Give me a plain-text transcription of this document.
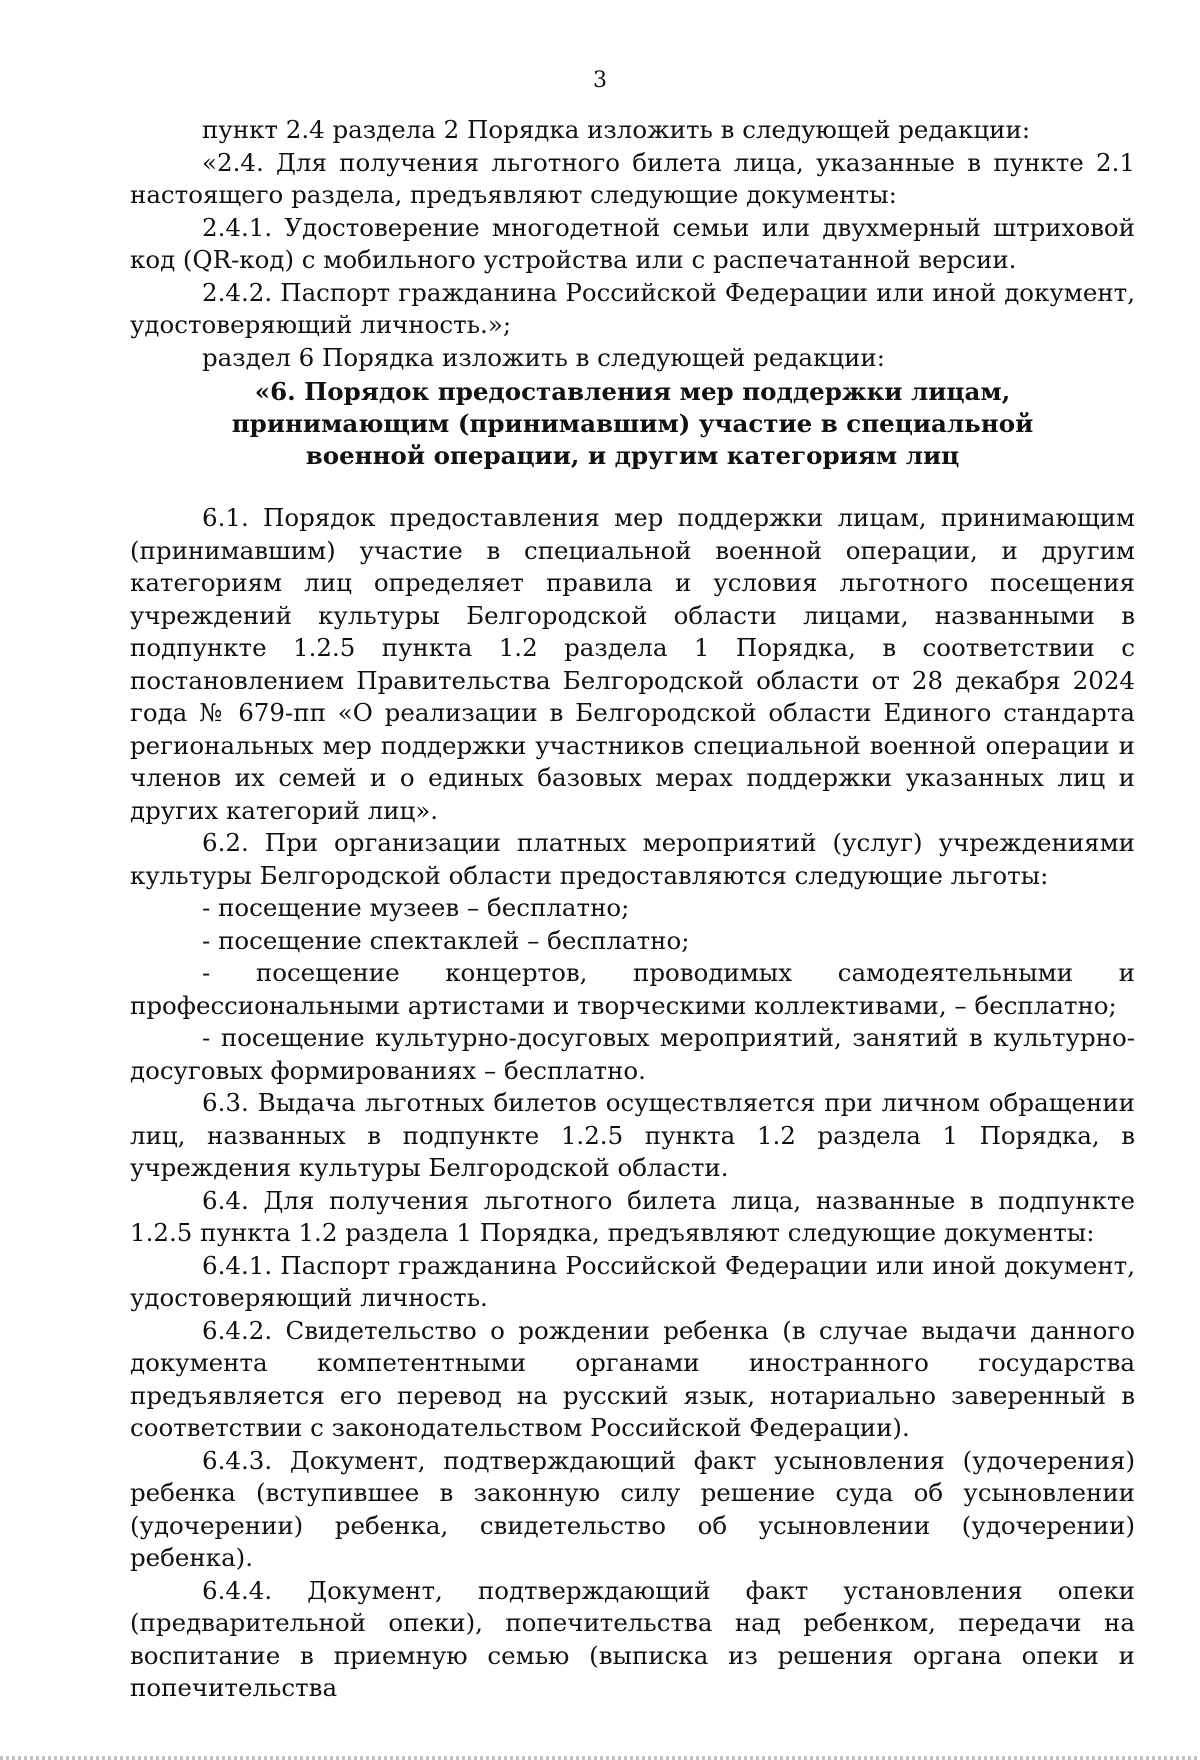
3

пункт 2.4 раздела 2 Порядка изложить в следующей редакции:

«2.4. Для получения льготного билета лица, указанные в пункте 2.1 настоящего раздела, предъявляют следующие документы:

2.4.1. Удостоверение многодетной семьи или двухмерный штриховой код (QR-код) с мобильного устройства или с распечатанной версии.

2.4.2. Паспорт гражданина Российской Федерации или иной документ, удостоверяющий личность.»;

раздел 6 Порядка изложить в следующей редакции:

«6. Порядок предоставления мер поддержки лицам,
принимающим (принимавшим) участие в специальной
военной операции, и другим категориям лиц

6.1. Порядок предоставления мер поддержки лицам, принимающим (принимавшим) участие в специальной военной операции, и другим категориям лиц определяет правила и условия льготного посещения учреждений культуры Белгородской области лицами, названными в подпункте 1.2.5 пункта 1.2 раздела 1 Порядка, в соответствии с постановлением Правительства Белгородской области от 28 декабря 2024 года № 679-пп «О реализации в Белгородской области Единого стандарта региональных мер поддержки участников специальной военной операции и членов их семей и о единых базовых мерах поддержки указанных лиц и других категорий лиц».

6.2. При организации платных мероприятий (услуг) учреждениями культуры Белгородской области предоставляются следующие льготы:

- посещение музеев – бесплатно;

- посещение спектаклей – бесплатно;

- посещение концертов, проводимых самодеятельными и профессиональными артистами и творческими коллективами, – бесплатно;

- посещение культурно-досуговых мероприятий, занятий в культурно-досуговых формированиях – бесплатно.

6.3. Выдача льготных билетов осуществляется при личном обращении лиц, названных в подпункте 1.2.5 пункта 1.2 раздела 1 Порядка, в учреждения культуры Белгородской области.

6.4. Для получения льготного билета лица, названные в подпункте 1.2.5 пункта 1.2 раздела 1 Порядка, предъявляют следующие документы:

6.4.1. Паспорт гражданина Российской Федерации или иной документ, удостоверяющий личность.

6.4.2. Свидетельство о рождении ребенка (в случае выдачи данного документа компетентными органами иностранного государства предъявляется его перевод на русский язык, нотариально заверенный в соответствии с законодательством Российской Федерации).

6.4.3. Документ, подтверждающий факт усыновления (удочерения) ребенка (вступившее в законную силу решение суда об усыновлении (удочерении) ребенка, свидетельство об усыновлении (удочерении) ребенка).

6.4.4. Документ, подтверждающий факт установления опеки (предварительной опеки), попечительства над ребенком, передачи на воспитание в приемную семью (выписка из решения органа опеки и попечительства
